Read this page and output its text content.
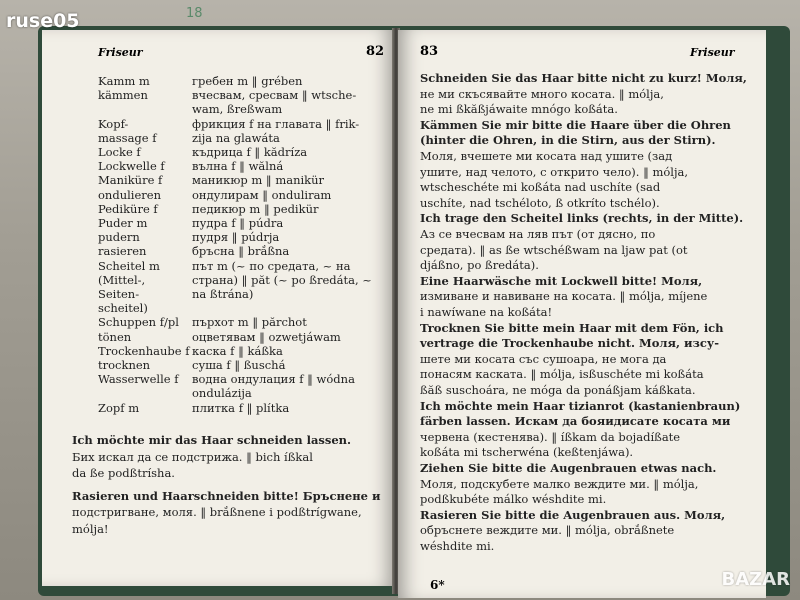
18
Friseur	82
Kamm m	гребен m ‖ grében
kämmen	вчесвам, сресвам ‖ wtsche-
wam, ßreßwam
Kopf-	фрикция f на главата ‖ frik-
massage f	zija na glawáta
Locke f	къдрица f ‖ kădríza
Lockwelle f вълна f ‖ wălná
Maniküre f	маникюр m ‖ manikür
ondulieren	ондулирам ‖ onduliram
Pediküre f	педикюр m ‖ pedikür
Puder m	пудра f ‖ púdra
pudern	пудря ‖ púdrja
rasieren	бръсна ‖ brắßna
Scheitel m	път m (~ по средата, ~ на
(Mittel-,	страна) ‖ păt (~ po ßredáta, ~
Seiten-	na ßtrána)
scheitel)
Schuppen f/pl пърхот m ‖ părchot
tönen	оцветявам ‖ ozwetjáwam
Trockenhaube f каска f ‖ káßka
trocknen	суша f ‖ ßuschá
Wasserwelle f водна ондулация f ‖ wódna
ondulázija
Zopf m	плитка f ‖ plítka
Ich möchte mir das Haar schneiden lassen.
Бих искал да се подстрижа. ‖ bich íßkal
da ße podßtrísha.
Rasieren und Haarschneiden bitte! Бръснене и
подстригване, моля. ‖ brắßnene i podßtrígwane,
mólja!
83	Friseur
Schneiden Sie das Haar bitte nicht zu kurz! Моля,
не ми скъсявайте много косата. ‖ mólja,
ne mi ßkăßjáwaite mnógo koßáta.
Kämmen Sie mir bitte die Haare über die Ohren
(hinter die Ohren, in die Stirn, aus der Stirn).
Моля, вчешете ми косата над ушите (зад
ушите, над челото, с открито чело). ‖ mólja,
wtscheschéte mi koßáta nad uschíte (sad
uschíte, nad tschéloto, ß otkríto tschélo).
Ich trage den Scheitel links (rechts, in der Mitte).
Аз се вчесвам на ляв път (от дясно, по
средата). ‖ as ße wtschéßwam na ljaw pat (ot
djáßno, po ßredáta).
Eine Haarwäsche mit Lockwell bitte! Моля,
измиване и навиване на косата. ‖ mólja, míjene
i nawíwane na koßáta!
Trocknen Sie bitte mein Haar mit dem Fön, ich
vertrage die Trockenhaube nicht. Моля, изсу-
шете ми косата със сушоара, не мога да
понасям каската. ‖ mólja, isßuschéte mi koßáta
ßăß suschoára, ne móga da ponáßjam káßkata.
Ich möchte mein Haar tizianrot (kastanienbraun)
färben lassen. Искам да бояидисате косата ми
червена (кестенява). ‖ íßkam da bojadíßate
koßáta mi tscherwéna (keßtenjáwa).
Ziehen Sie bitte die Augenbrauen etwas nach.
Моля, подскубете малко веждите ми. ‖ mólja,
podßkubéte málko wéshdite mi.
Rasieren Sie bitte die Augenbrauen aus. Моля,
обръснете веждите ми. ‖ mólja, obrắßnete
wéshdite mi.
6*
ruse05
BAZAR
